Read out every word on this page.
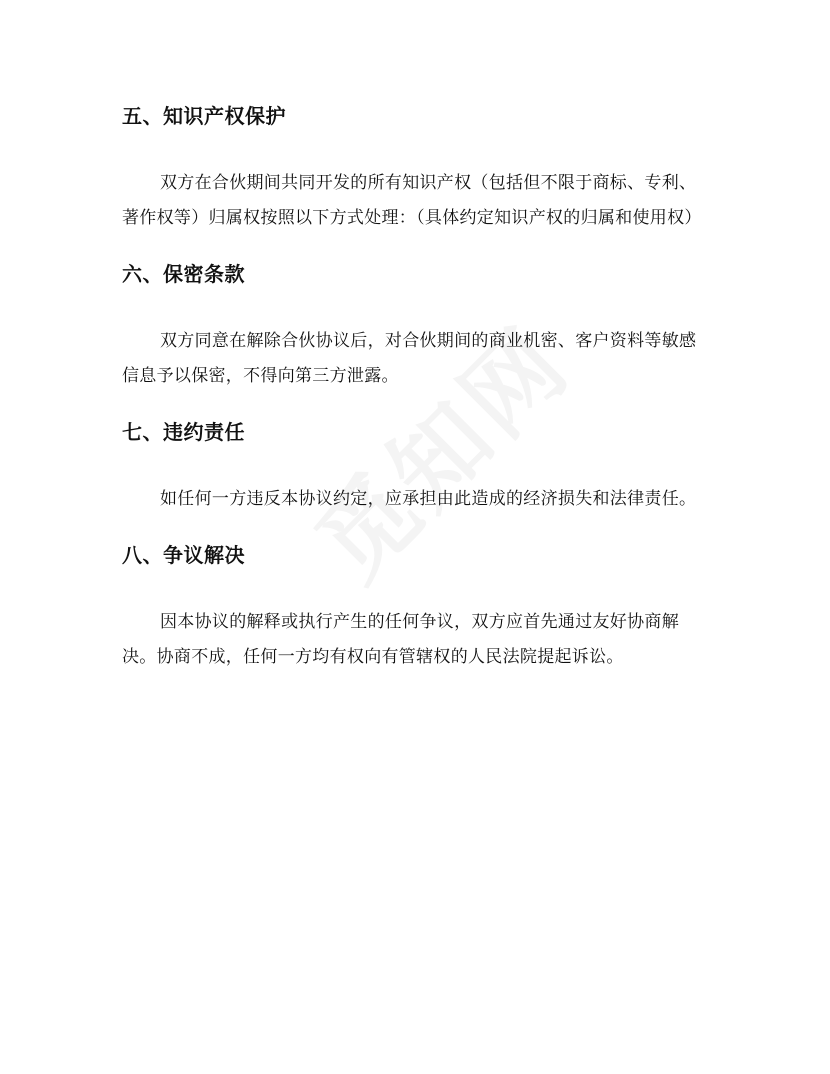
五、知识产权保护

双方在合伙期间共同开发的所有知识产权（包括但不限于商标、专利、著作权等）归属权按照以下方式处理：（具体约定知识产权的归属和使用权）

六、保密条款

双方同意在解除合伙协议后，对合伙期间的商业机密、客户资料等敏感信息予以保密，不得向第三方泄露。

七、违约责任

如任何一方违反本协议约定，应承担由此造成的经济损失和法律责任。

八、争议解决

因本协议的解释或执行产生的任何争议，双方应首先通过友好协商解决。协商不成，任何一方均有权向有管辖权的人民法院提起诉讼。
